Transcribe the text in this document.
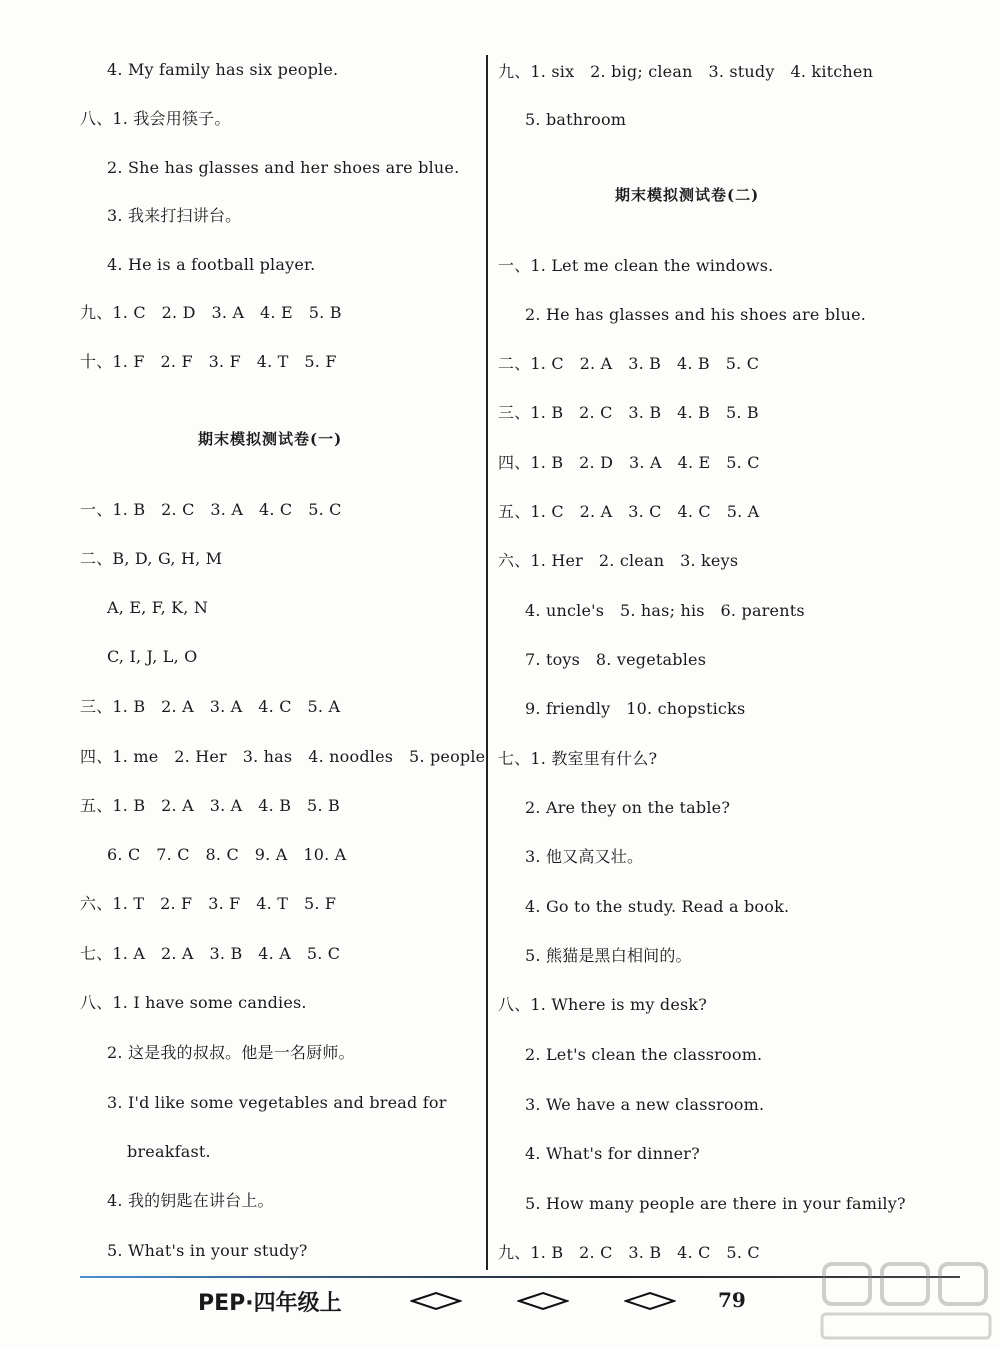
4. My family has six people.
八、1. 我会用筷子。
2. She has glasses and her shoes are blue.
3. 我来打扫讲台。
4. He is a football player.
九、1. C   2. D   3. A   4. E   5. B
十、1. F   2. F   3. F   4. T   5. F
期末模拟测试卷(一)
一、1. B   2. C   3. A   4. C   5. C
二、B, D, G, H, M
A, E, F, K, N
C, I, J, L, O
三、1. B   2. A   3. A   4. C   5. A
四、1. me   2. Her   3. has   4. noodles   5. people
五、1. B   2. A   3. A   4. B   5. B
6. C   7. C   8. C   9. A   10. A
六、1. T   2. F   3. F   4. T   5. F
七、1. A   2. A   3. B   4. A   5. C
八、1. I have some candies.
2. 这是我的叔叔。他是一名厨师。
3. I'd like some vegetables and bread for
breakfast.
4. 我的钥匙在讲台上。
5. What's in your study?
九、1. six   2. big; clean   3. study   4. kitchen
5. bathroom
期末模拟测试卷(二)
一、1. Let me clean the windows.
2. He has glasses and his shoes are blue.
二、1. C   2. A   3. B   4. B   5. C
三、1. B   2. C   3. B   4. B   5. B
四、1. B   2. D   3. A   4. E   5. C
五、1. C   2. A   3. C   4. C   5. A
六、1. Her   2. clean   3. keys
4. uncle's   5. has; his   6. parents
7. toys   8. vegetables
9. friendly   10. chopsticks
七、1. 教室里有什么?
2. Are they on the table?
3. 他又高又壮。
4. Go to the study. Read a book.
5. 熊猫是黑白相间的。
八、1. Where is my desk?
2. Let's clean the classroom.
3. We have a new classroom.
4. What's for dinner?
5. How many people are there in your family?
九、1. B   2. C   3. B   4. C   5. C
PEP·四年级上	79
